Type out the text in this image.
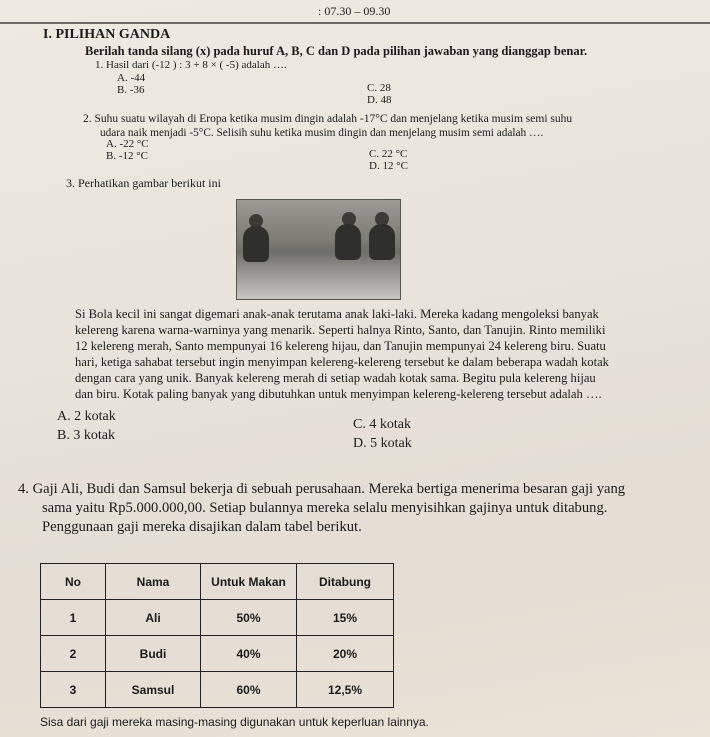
: 07.30 – 09.30
I. PILIHAN GANDA
Berilah tanda silang (x) pada huruf A, B, C dan D pada pilihan jawaban yang dianggap benar.
1. Hasil dari (-12 ) : 3 + 8 × ( -5) adalah ….
A. -44
B. -36	C. 28
D. 48
2. Suhu suatu wilayah di Eropa ketika musim dingin adalah -17°C dan menjelang ketika musim semi suhu
udara naik menjadi -5°C. Selisih suhu ketika musim dingin dan menjelang musim semi adalah ….
A. -22 °C
B. -12 °C	C. 22 °C
D. 12 °C
3. Perhatikan gambar berikut ini
Si Bola kecil ini sangat digemari anak-anak terutama anak laki-laki. Mereka kadang mengoleksi banyak
kelereng karena warna-warninya yang menarik. Seperti halnya Rinto, Santo, dan Tanujin. Rinto memiliki
12 kelereng merah, Santo mempunyai 16 kelereng hijau, dan Tanujin mempunyai 24 kelereng biru. Suatu
hari, ketiga sahabat tersebut ingin menyimpan kelereng-kelereng tersebut ke dalam beberapa wadah kotak
dengan cara yang unik. Banyak kelereng merah di setiap wadah kotak sama. Begitu pula kelereng hijau
dan biru. Kotak paling banyak yang dibutuhkan untuk menyimpan kelereng-kelereng tersebut adalah ….
A. 2 kotak
B. 3 kotak
C. 4 kotak
D. 5 kotak
4. Gaji Ali, Budi dan Samsul bekerja di sebuah perusahaan. Mereka bertiga menerima besaran gaji yang
sama yaitu Rp5.000.000,00. Setiap bulannya mereka selalu menyisihkan gajinya untuk ditabung.
Penggunaan gaji mereka disajikan dalam tabel berikut.
No	Nama	Untuk Makan	Ditabung
1	Ali	50%	15%
2	Budi	40%	20%
3	Samsul	60%	12,5%
Sisa dari gaji mereka masing-masing digunakan untuk keperluan lainnya.
